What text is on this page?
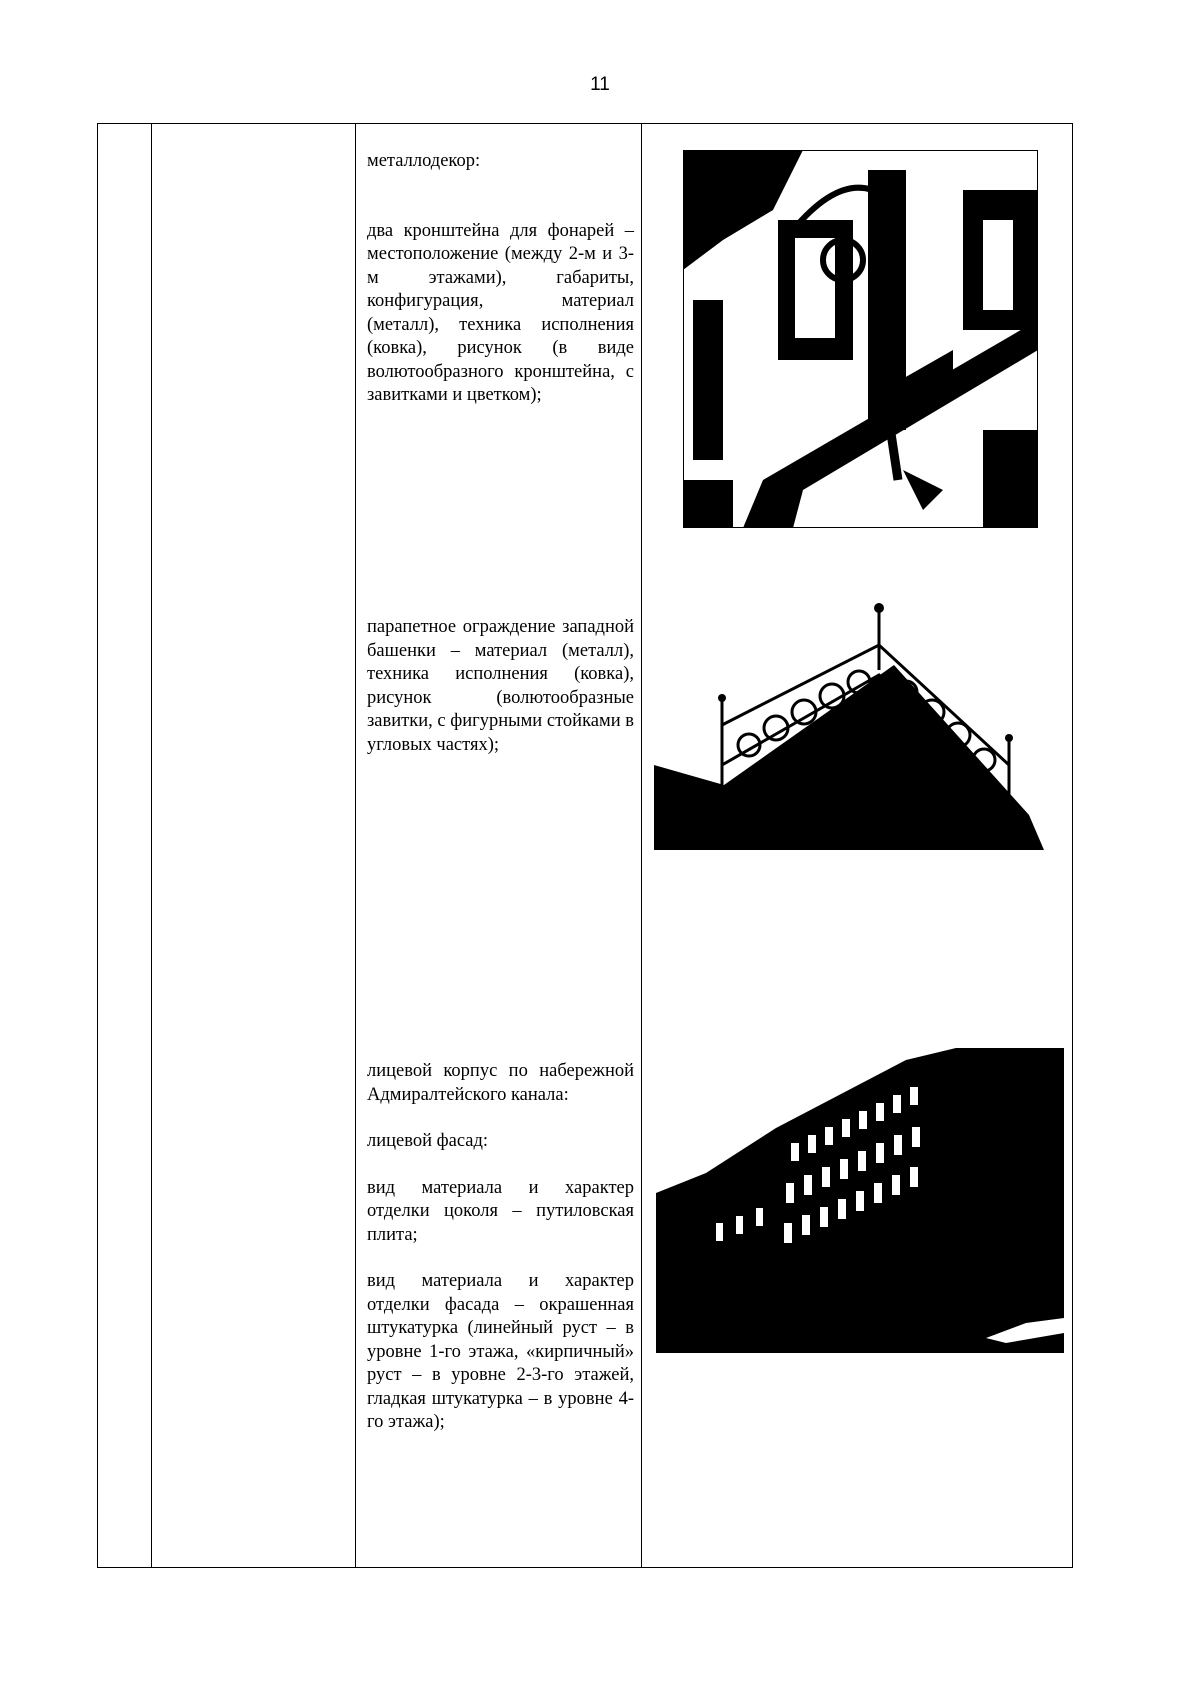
11

металлодекор:

два кронштейна для фонарей – местоположение (между 2-м и 3-м этажами), габариты, конфигурация, материал (металл), техника исполнения (ковка), рисунок (в виде волютообразного кронштейна, с завитками и цветком);

парапетное ограждение западной башенки – материал (металл), техника исполнения (ковка), рисунок (волютообразные завитки, с фигурными стойками в угловых частях);

лицевой корпус по набережной Адмиралтейского канала:

лицевой фасад:

вид материала и характер отделки цоколя – путиловская плита;

вид материала и характер отделки фасада – окрашенная штукатурка (линейный руст – в уровне 1-го этажа, «кирпичный» руст – в уровне 2-3-го этажей, гладкая штукатурка – в уровне 4-го этажа);
